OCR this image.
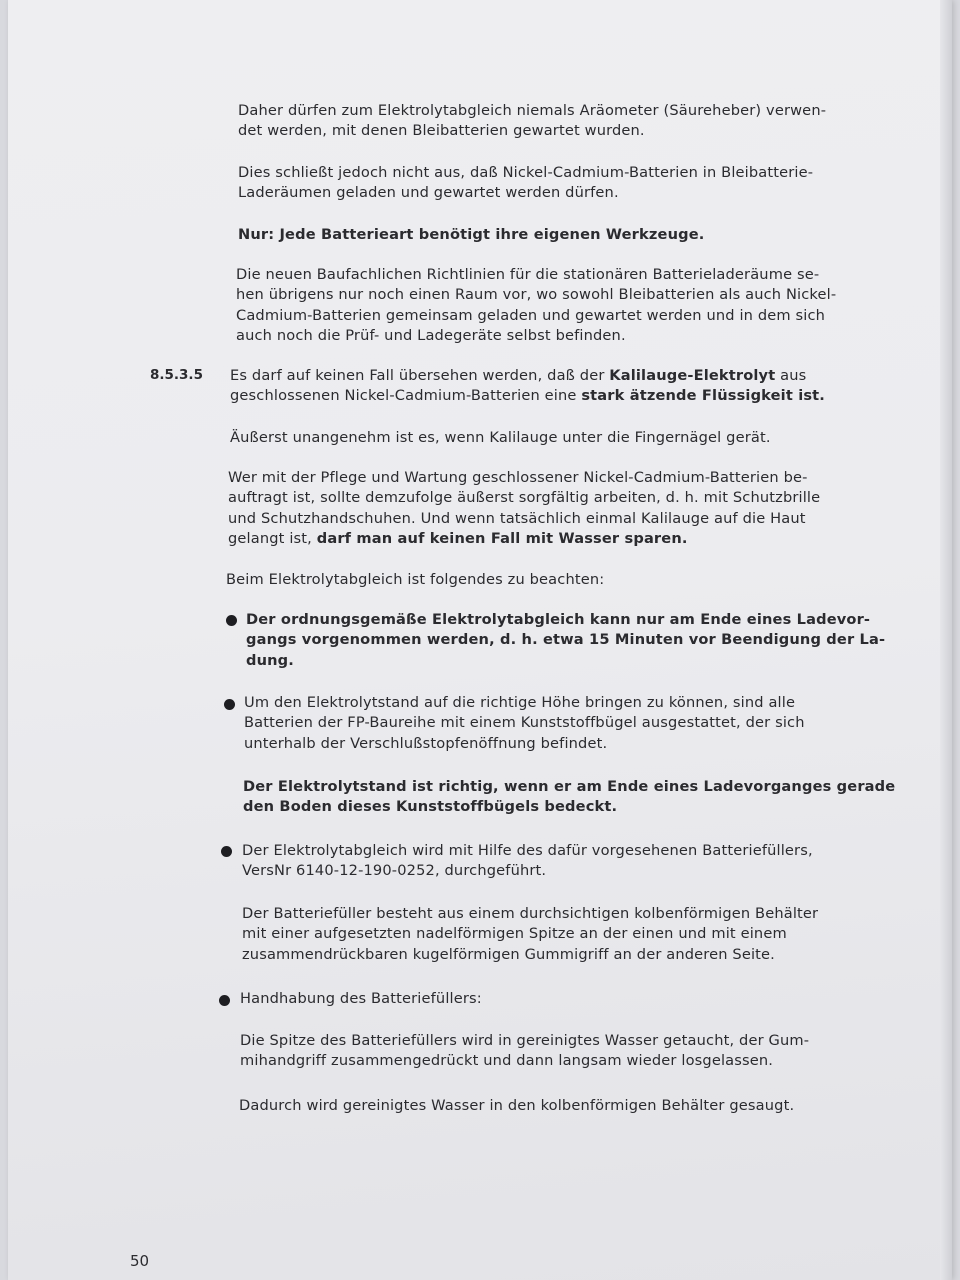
Daher dürfen zum Elektrolytabgleich niemals Aräometer (Säureheber) verwen-
det werden, mit denen Bleibatterien gewartet wurden.
Dies schließt jedoch nicht aus, daß Nickel-Cadmium-Batterien in Bleibatterie-
Laderäumen geladen und gewartet werden dürfen.
Nur: Jede Batterieart benötigt ihre eigenen Werkzeuge.
Die neuen Baufachlichen Richtlinien für die stationären Batterieladeräume se-
hen übrigens nur noch einen Raum vor, wo sowohl Bleibatterien als auch Nickel-
Cadmium-Batterien gemeinsam geladen und gewartet werden und in dem sich
auch noch die Prüf- und Ladegeräte selbst befinden.
8.5.3.5 Es darf auf keinen Fall übersehen werden, daß der Kalilauge-Elektrolyt aus
geschlossenen Nickel-Cadmium-Batterien eine stark ätzende Flüssigkeit ist.
Äußerst unangenehm ist es, wenn Kalilauge unter die Fingernägel gerät.
Wer mit der Pflege und Wartung geschlossener Nickel-Cadmium-Batterien be-
auftragt ist, sollte demzufolge äußerst sorgfältig arbeiten, d. h. mit Schutzbrille
und Schutzhandschuhen. Und wenn tatsächlich einmal Kalilauge auf die Haut
gelangt ist, darf man auf keinen Fall mit Wasser sparen.
Beim Elektrolytabgleich ist folgendes zu beachten:
Der ordnungsgemäße Elektrolytabgleich kann nur am Ende eines Ladevor-
gangs vorgenommen werden, d. h. etwa 15 Minuten vor Beendigung der La-
dung.
Um den Elektrolytstand auf die richtige Höhe bringen zu können, sind alle
Batterien der FP-Baureihe mit einem Kunststoffbügel ausgestattet, der sich
unterhalb der Verschlußstopfenöffnung befindet.
Der Elektrolytstand ist richtig, wenn er am Ende eines Ladevorganges gerade
den Boden dieses Kunststoffbügels bedeckt.
Der Elektrolytabgleich wird mit Hilfe des dafür vorgesehenen Batteriefüllers,
VersNr 6140-12-190-0252, durchgeführt.
Der Batteriefüller besteht aus einem durchsichtigen kolbenförmigen Behälter
mit einer aufgesetzten nadelförmigen Spitze an der einen und mit einem
zusammendrückbaren kugelförmigen Gummigriff an der anderen Seite.
Handhabung des Batteriefüllers:
Die Spitze des Batteriefüllers wird in gereinigtes Wasser getaucht, der Gum-
mihandgriff zusammengedrückt und dann langsam wieder losgelassen.
Dadurch wird gereinigtes Wasser in den kolbenförmigen Behälter gesaugt.
50
